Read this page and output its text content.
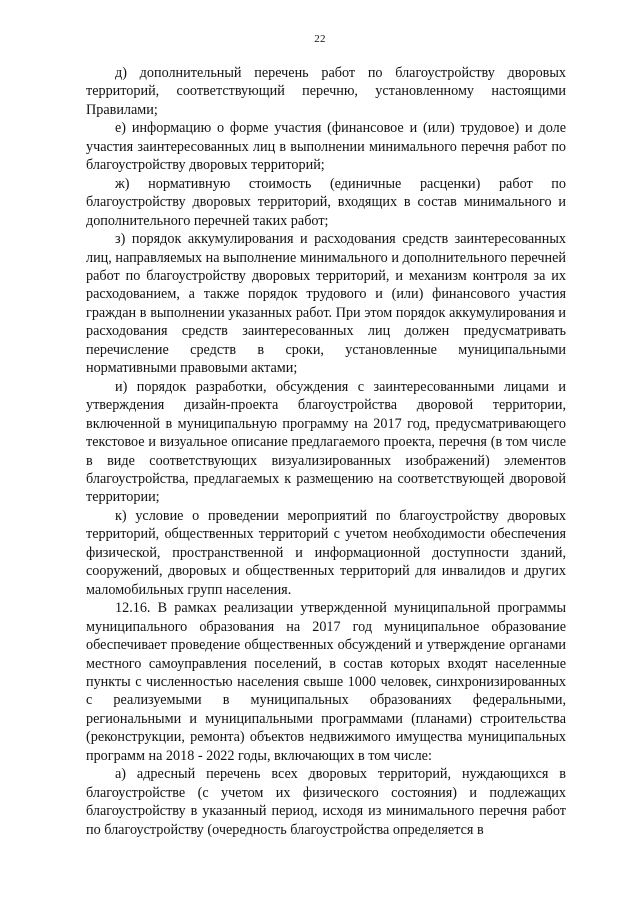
22

д) дополнительный перечень работ по благоустройству дворовых территорий, соответствующий перечню, установленному настоящими Правилами;

е) информацию о форме участия (финансовое и (или) трудовое) и доле участия заинтересованных лиц в выполнении минимального перечня работ по благоустройству дворовых территорий;

ж) нормативную стоимость (единичные расценки) работ по благоустройству дворовых территорий, входящих в состав минимального и дополнительного перечней таких работ;

з) порядок аккумулирования и расходования средств заинтересованных лиц, направляемых на выполнение минимального и дополнительного перечней работ по благоустройству дворовых территорий, и механизм контроля за их расходованием, а также порядок трудового и (или) финансового участия граждан в выполнении указанных работ. При этом порядок аккумулирования и расходования средств заинтересованных лиц должен предусматривать перечисление средств в сроки, установленные муниципальными нормативными правовыми актами;

и) порядок разработки, обсуждения с заинтересованными лицами и утверждения дизайн-проекта благоустройства дворовой территории, включенной в муниципальную программу на 2017 год, предусматривающего текстовое и визуальное описание предлагаемого проекта, перечня (в том числе в виде соответствующих визуализированных изображений) элементов благоустройства, предлагаемых к размещению на соответствующей дворовой территории;

к) условие о проведении мероприятий по благоустройству дворовых территорий, общественных территорий с учетом необходимости обеспечения физической, пространственной и информационной доступности зданий, сооружений, дворовых и общественных территорий для инвалидов и других маломобильных групп населения.

12.16. В рамках реализации утвержденной муниципальной программы муниципального образования на 2017 год муниципальное образование обеспечивает проведение общественных обсуждений и утверждение органами местного самоуправления поселений, в состав которых входят населенные пункты с численностью населения свыше 1000 человек, синхронизированных с реализуемыми в муниципальных образованиях федеральными, региональными и муниципальными программами (планами) строительства (реконструкции, ремонта) объектов недвижимого имущества муниципальных программ на 2018 - 2022 годы, включающих в том числе:

а) адресный перечень всех дворовых территорий, нуждающихся в благоустройстве (с учетом их физического состояния) и подлежащих благоустройству в указанный период, исходя из минимального перечня работ по благоустройству (очередность благоустройства определяется в
